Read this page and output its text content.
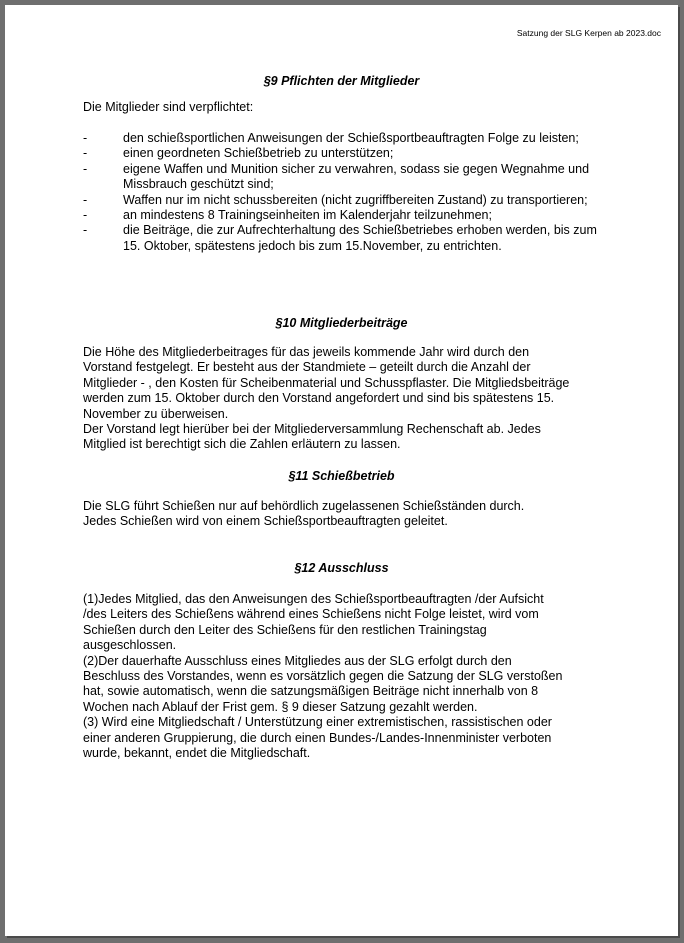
Satzung der SLG Kerpen ab 2023.doc
§9 Pflichten der Mitglieder
Die Mitglieder sind verpflichtet:
-	den schießsportlichen Anweisungen der Schießsportbeauftragten Folge zu leisten;
-	einen geordneten Schießbetrieb zu unterstützen;
-	eigene Waffen und Munition sicher zu verwahren, sodass sie gegen Wegnahme und Missbrauch geschützt sind;
-	Waffen nur im nicht schussbereiten (nicht zugriffbereiten Zustand) zu transportieren;
-	an mindestens 8 Trainingseinheiten im Kalenderjahr teilzunehmen;
-	die Beiträge, die zur Aufrechterhaltung des Schießbetriebes erhoben werden, bis zum 15. Oktober, spätestens jedoch bis zum 15.November, zu entrichten.
§10 Mitgliederbeiträge
Die Höhe des Mitgliederbeitrages für das jeweils kommende Jahr wird durch den
Vorstand festgelegt. Er besteht aus der Standmiete – geteilt durch die Anzahl der
Mitglieder - , den Kosten für Scheibenmaterial und Schusspflaster. Die Mitgliedsbeiträge
werden zum 15. Oktober durch den Vorstand angefordert und sind bis spätestens 15.
November zu überweisen.
Der Vorstand legt hierüber bei der Mitgliederversammlung Rechenschaft ab. Jedes
Mitglied ist berechtigt sich die Zahlen erläutern zu lassen.
§11 Schießbetrieb
Die SLG führt Schießen nur auf behördlich zugelassenen Schießständen durch.
Jedes Schießen wird von einem Schießsportbeauftragten geleitet.
§12 Ausschluss
(1)Jedes Mitglied, das den Anweisungen des Schießsportbeauftragten /der Aufsicht
/des Leiters des Schießens während eines Schießens nicht Folge leistet, wird vom
Schießen durch den Leiter des Schießens für den restlichen Trainingstag
ausgeschlossen.
(2)Der dauerhafte Ausschluss eines Mitgliedes aus der SLG erfolgt durch den
Beschluss des Vorstandes, wenn es vorsätzlich gegen die Satzung der SLG verstoßen
hat, sowie automatisch, wenn die satzungsmäßigen Beiträge nicht innerhalb von 8
Wochen nach Ablauf der Frist gem. § 9 dieser Satzung gezahlt werden.
(3) Wird eine Mitgliedschaft / Unterstützung einer extremistischen, rassistischen oder
einer anderen Gruppierung, die durch einen Bundes-/Landes-Innenminister verboten
wurde, bekannt, endet die Mitgliedschaft.
